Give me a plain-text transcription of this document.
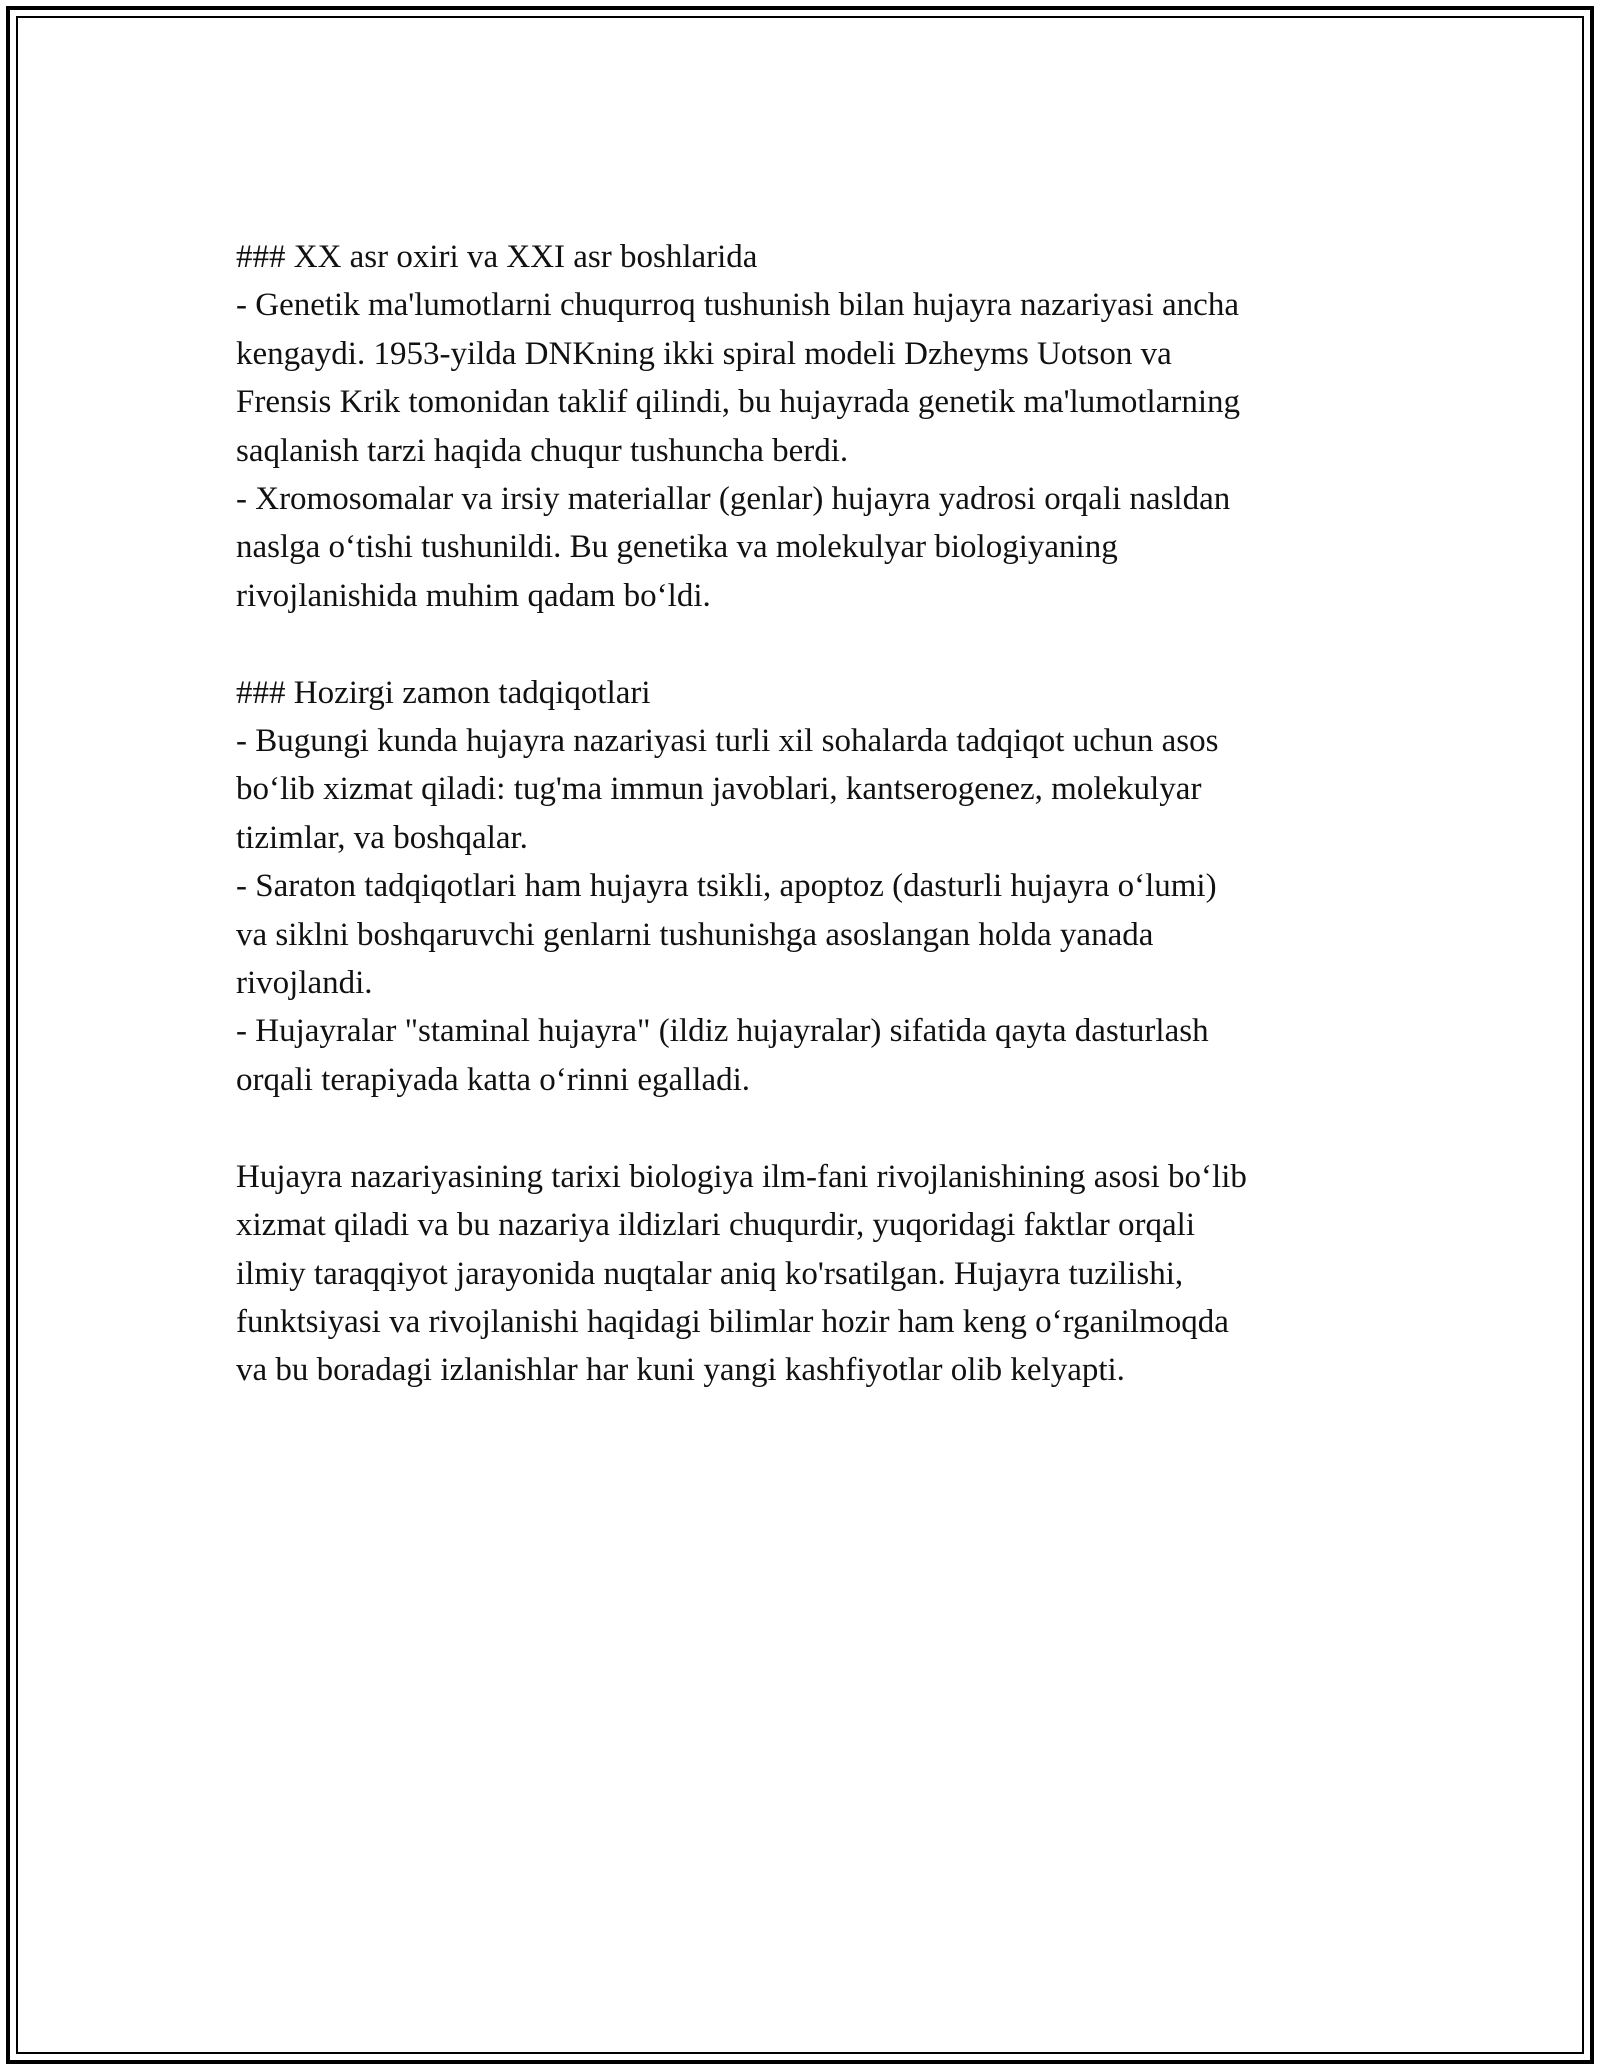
### XX asr oxiri va XXI asr boshlarida
- Genetik ma'lumotlarni chuqurroq tushunish bilan hujayra nazariyasi ancha
kengaydi. 1953-yilda DNKning ikki spiral modeli Dzheyms Uotson va
Frensis Krik tomonidan taklif qilindi, bu hujayrada genetik ma'lumotlarning
saqlanish tarzi haqida chuqur tushuncha berdi.
- Xromosomalar va irsiy materiallar (genlar) hujayra yadrosi orqali nasldan
naslga o‘tishi tushunildi. Bu genetika va molekulyar biologiyaning
rivojlanishida muhim qadam bo‘ldi.
### Hozirgi zamon tadqiqotlari
- Bugungi kunda hujayra nazariyasi turli xil sohalarda tadqiqot uchun asos
bo‘lib xizmat qiladi: tug'ma immun javoblari, kantserogenez, molekulyar
tizimlar, va boshqalar.
- Saraton tadqiqotlari ham hujayra tsikli, apoptoz (dasturli hujayra o‘lumi)
va siklni boshqaruvchi genlarni tushunishga asoslangan holda yanada
rivojlandi.
- Hujayralar "staminal hujayra" (ildiz hujayralar) sifatida qayta dasturlash
orqali terapiyada katta o‘rinni egalladi.
Hujayra nazariyasining tarixi biologiya ilm-fani rivojlanishining asosi bo‘lib
xizmat qiladi va bu nazariya ildizlari chuqurdir, yuqoridagi faktlar orqali
ilmiy taraqqiyot jarayonida nuqtalar aniq ko'rsatilgan. Hujayra tuzilishi,
funktsiyasi va rivojlanishi haqidagi bilimlar hozir ham keng o‘rganilmoqda
va bu boradagi izlanishlar har kuni yangi kashfiyotlar olib kelyapti.
